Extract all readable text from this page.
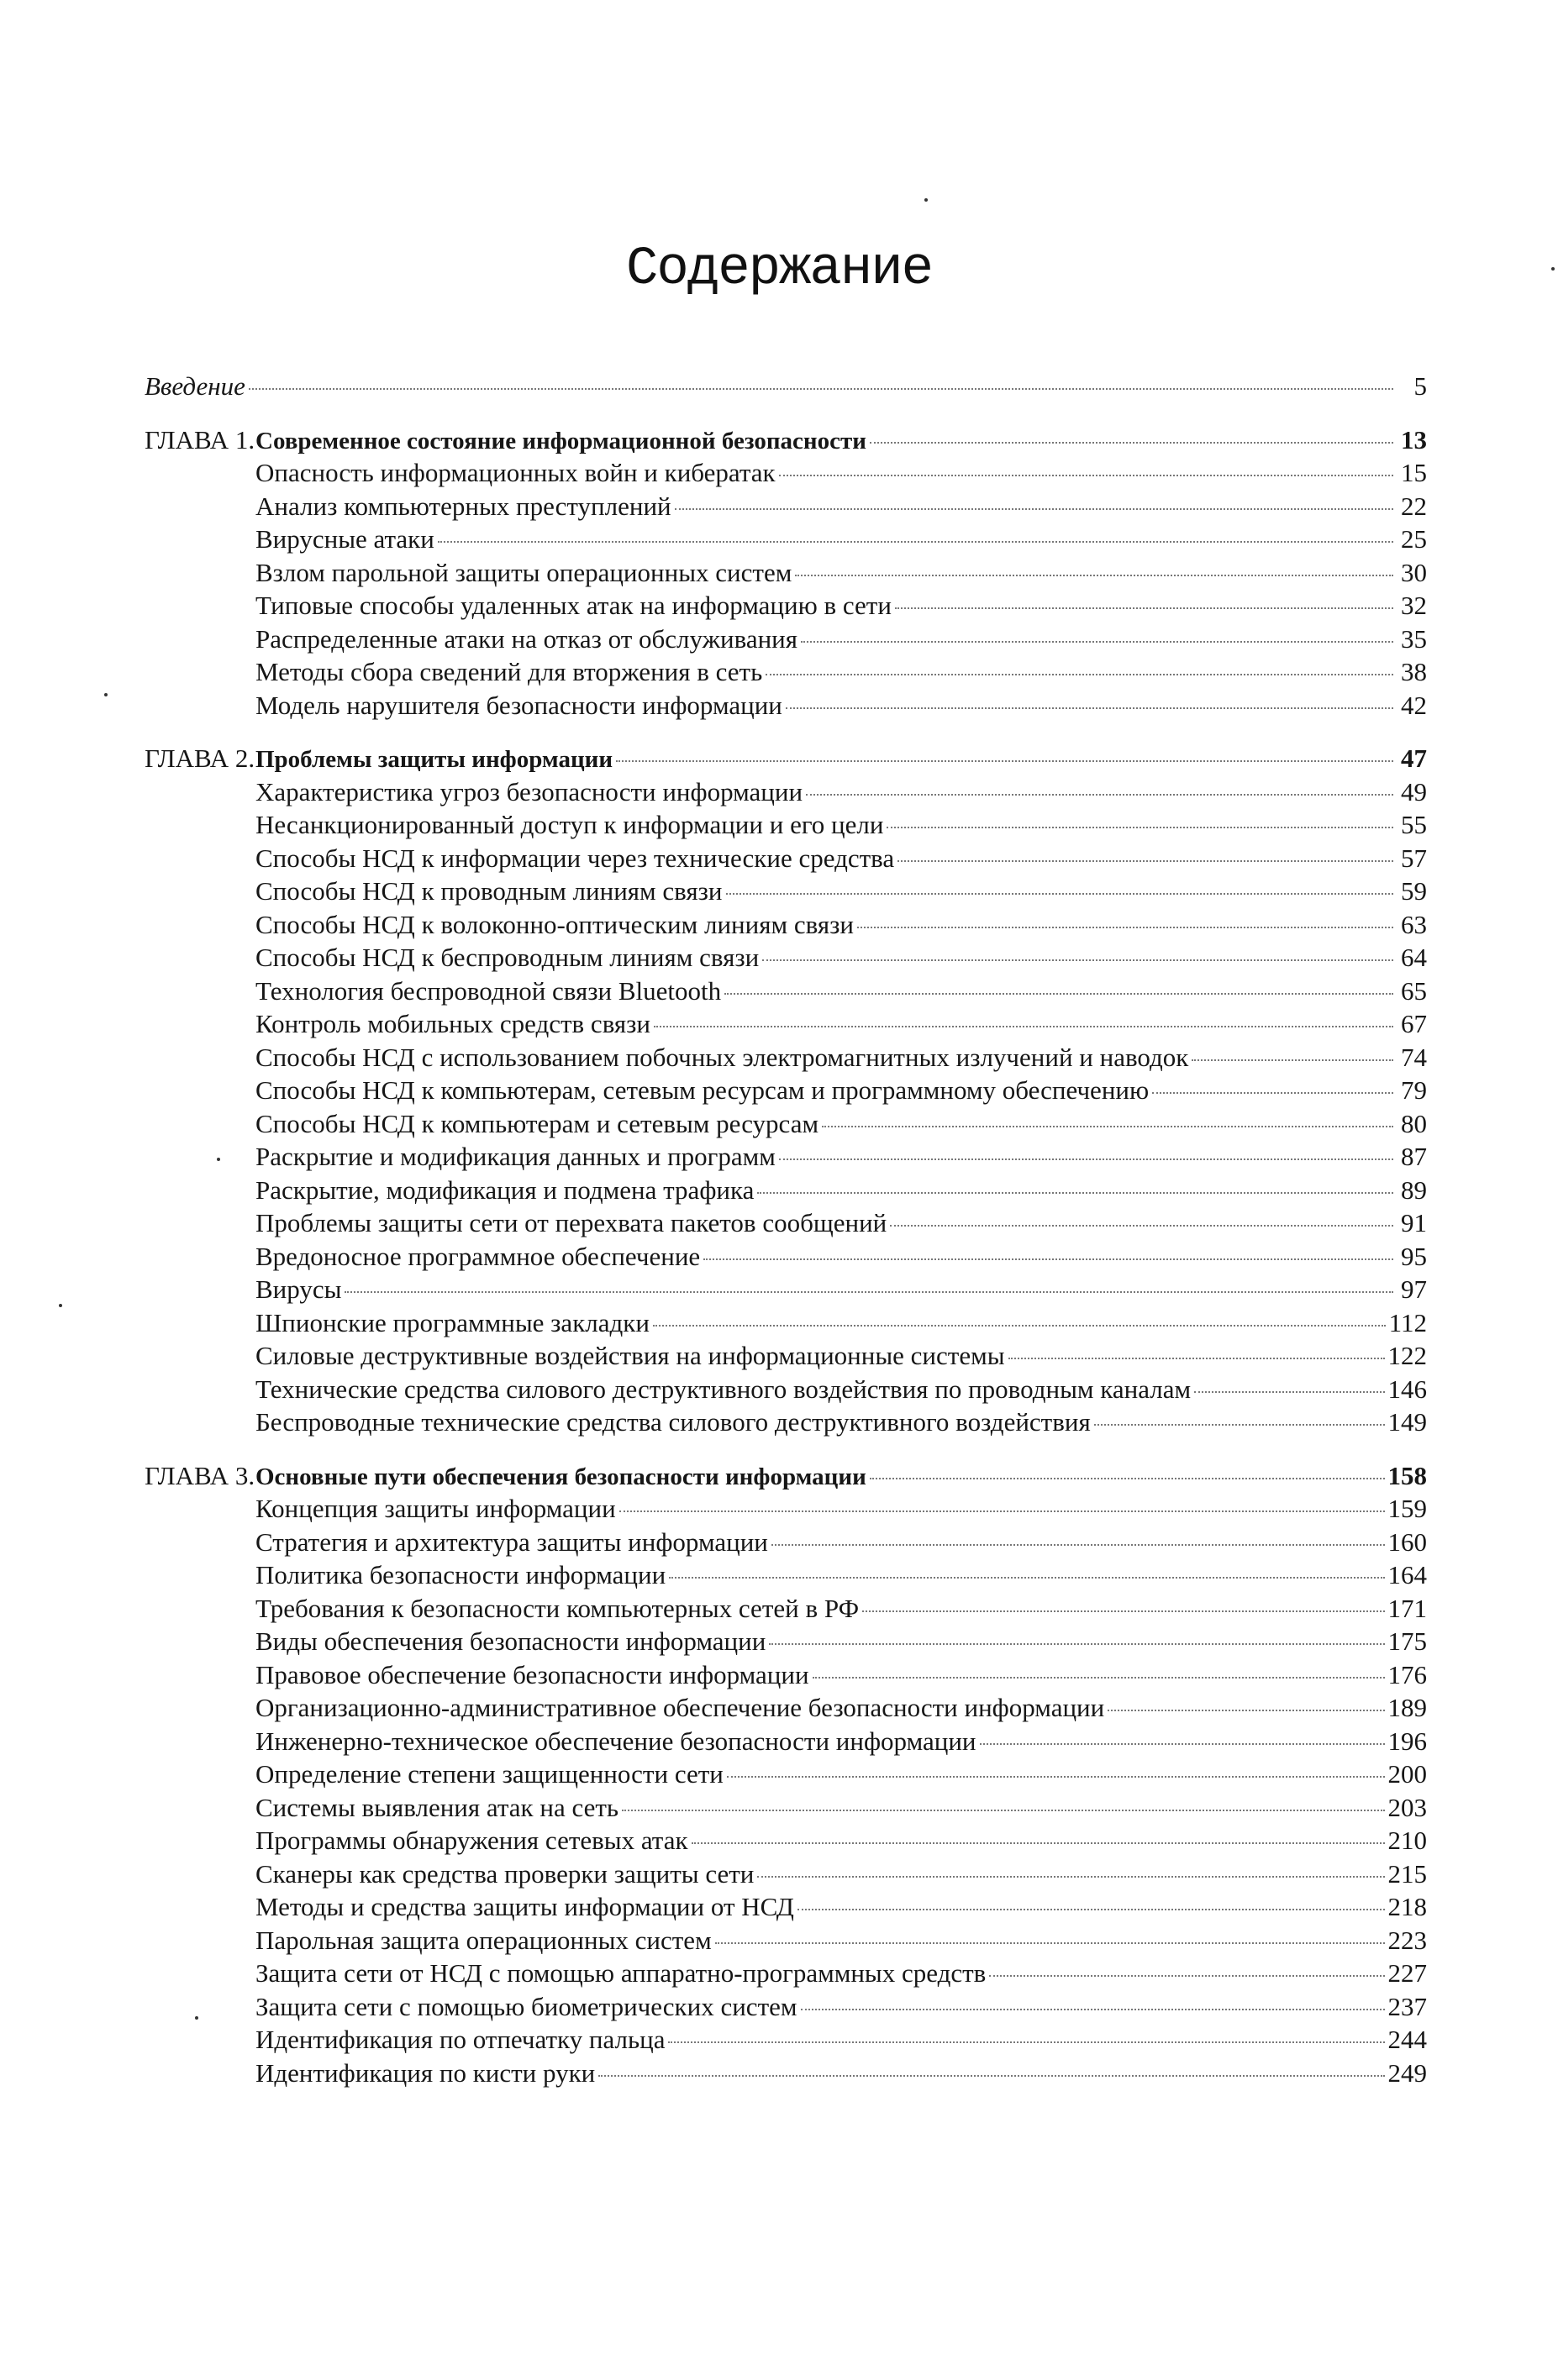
Содержание
Введение	5
ГЛАВА 1. Современное состояние информационной безопасности	13
Опасность информационных войн и кибератак	15
Анализ компьютерных преступлений	22
Вирусные атаки	25
Взлом парольной защиты операционных систем	30
Типовые способы удаленных атак на информацию в сети	32
Распределенные атаки на отказ от обслуживания	35
Методы сбора сведений для вторжения в сеть	38
Модель нарушителя безопасности информации	42
ГЛАВА 2. Проблемы защиты информации	47
Характеристика угроз безопасности информации	49
Несанкционированный доступ к информации и его цели	55
Способы НСД к информации через технические средства	57
Способы НСД к проводным линиям связи	59
Способы НСД к волоконно-оптическим линиям связи	63
Способы НСД к беспроводным линиям связи	64
Технология беспроводной связи Bluetooth	65
Контроль мобильных средств связи	67
Способы НСД с использованием побочных электромагнитных излучений и наводок	74
Способы НСД к компьютерам, сетевым ресурсам и программному обеспечению	79
Способы НСД к компьютерам и сетевым ресурсам	80
Раскрытие и модификация данных и программ	87
Раскрытие, модификация и подмена трафика	89
Проблемы защиты сети от перехвата пакетов сообщений	91
Вредоносное программное обеспечение	95
Вирусы	97
Шпионские программные закладки	112
Силовые деструктивные воздействия на информационные системы	122
Технические средства силового деструктивного воздействия по проводным каналам	146
Беспроводные технические средства силового деструктивного воздействия	149
ГЛАВА 3. Основные пути обеспечения безопасности информации	158
Концепция защиты информации	159
Стратегия и архитектура защиты информации	160
Политика безопасности информации	164
Требования к безопасности компьютерных сетей в РФ	171
Виды обеспечения безопасности информации	175
Правовое обеспечение безопасности информации	176
Организационно-административное обеспечение безопасности информации	189
Инженерно-техническое обеспечение безопасности информации	196
Определение степени защищенности сети	200
Системы выявления атак на сеть	203
Программы обнаружения сетевых атак	210
Сканеры как средства проверки защиты сети	215
Методы и средства защиты информации от НСД	218
Парольная защита операционных систем	223
Защита сети от НСД с помощью аппаратно-программных средств	227
Защита сети с помощью биометрических систем	237
Идентификация по отпечатку пальца	244
Идентификация по кисти руки	249
